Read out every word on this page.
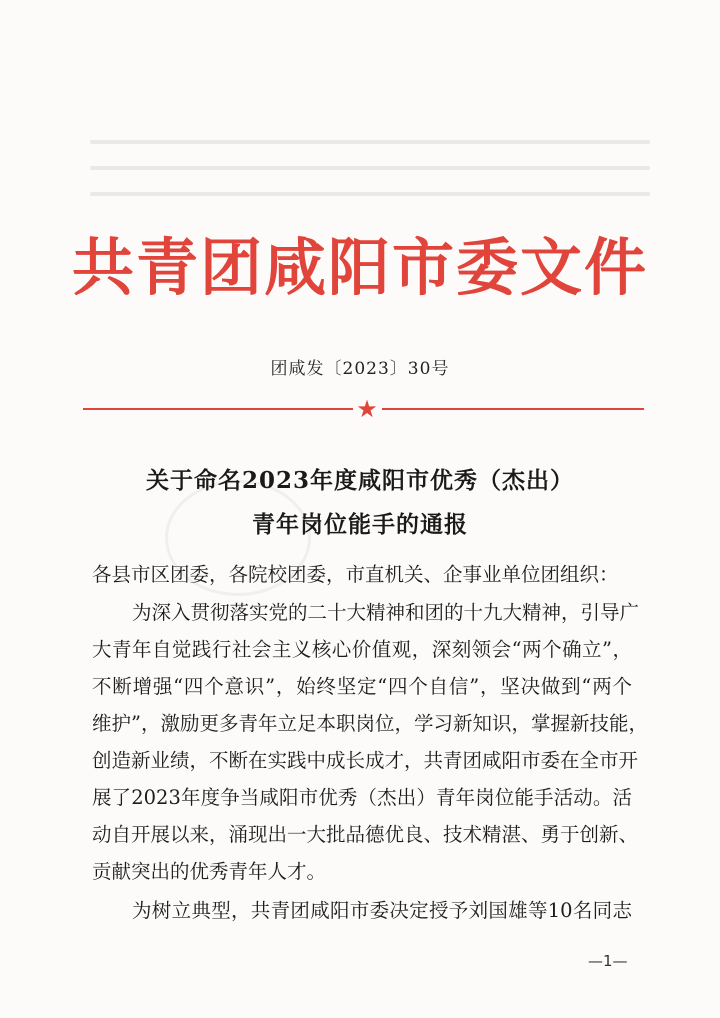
共青团咸阳市委文件
团咸发〔2023〕30号
★
关于命名2023年度咸阳市优秀（杰出）
青年岗位能手的通报
各县市区团委，各院校团委，市直机关、企事业单位团组织：
为深入贯彻落实党的二十大精神和团的十九大精神，引导广
大青年自觉践行社会主义核心价值观，深刻领会“两个确立”，
不断增强“四个意识”，始终坚定“四个自信”，坚决做到“两个
维护”，激励更多青年立足本职岗位，学习新知识，掌握新技能，
创造新业绩，不断在实践中成长成才，共青团咸阳市委在全市开
展了2023年度争当咸阳市优秀（杰出）青年岗位能手活动。活
动自开展以来，涌现出一大批品德优良、技术精湛、勇于创新、
贡献突出的优秀青年人才。
为树立典型，共青团咸阳市委决定授予刘国雄等10名同志
—1—
